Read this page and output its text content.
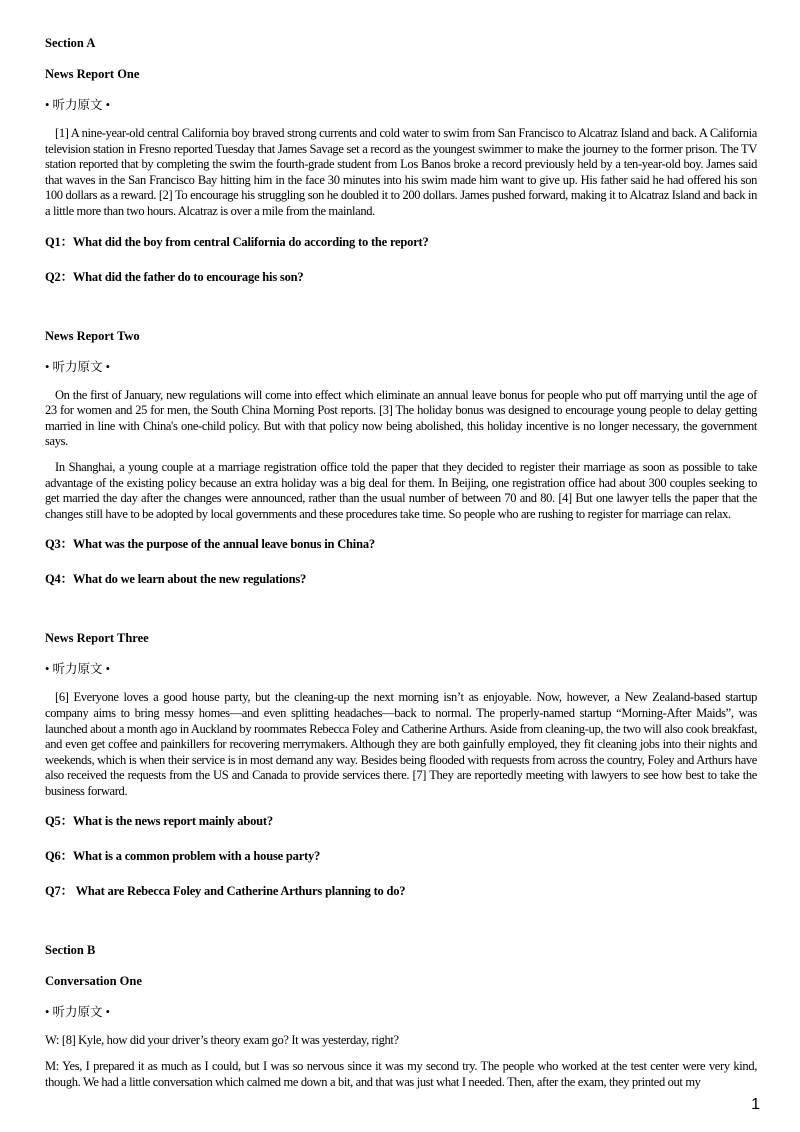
Section A
News Report One
• 听力原文 •

[1] A nine-year-old central California boy braved strong currents and cold water to swim from San Francisco to Alcatraz Island and back. A California television station in Fresno reported Tuesday that James Savage set a record as the youngest swimmer to make the journey to the former prison. The TV station reported that by completing the swim the fourth-grade student from Los Banos broke a record previously held by a ten-year-old boy. James said that waves in the San Francisco Bay hitting him in the face 30 minutes into his swim made him want to give up. His father said he had offered his son 100 dollars as a reward. [2] To encourage his struggling son he doubled it to 200 dollars. James pushed forward, making it to Alcatraz Island and back in a little more than two hours. Alcatraz is over a mile from the mainland.

Q1：What did the boy from central California do according to the report?
Q2：What did the father do to encourage his son?
News Report Two
• 听力原文 •

On the first of January, new regulations will come into effect which eliminate an annual leave bonus for people who put off marrying until the age of 23 for women and 25 for men, the South China Morning Post reports. [3] The holiday bonus was designed to encourage young people to delay getting married in line with China's one-child policy. But with that policy now being abolished, this holiday incentive is no longer necessary, the government says.

In Shanghai, a young couple at a marriage registration office told the paper that they decided to register their marriage as soon as possible to take advantage of the existing policy because an extra holiday was a big deal for them. In Beijing, one registration office had about 300 couples seeking to get married the day after the changes were announced, rather than the usual number of between 70 and 80. [4] But one lawyer tells the paper that the changes still have to be adopted by local governments and these procedures take time. So people who are rushing to register for marriage can relax.

Q3：What was the purpose of the annual leave bonus in China?
Q4：What do we learn about the new regulations?
News Report Three
• 听力原文 •

[6] Everyone loves a good house party, but the cleaning-up the next morning isn’t as enjoyable. Now, however, a New Zealand-based startup company aims to bring messy homes—and even splitting headaches—back to normal. The properly-named startup “Morning-After Maids”, was launched about a month ago in Auckland by roommates Rebecca Foley and Catherine Arthurs. Aside from cleaning-up, the two will also cook breakfast, and even get coffee and painkillers for recovering merrymakers. Although they are both gainfully employed, they fit cleaning jobs into their nights and weekends, which is when their service is in most demand any way. Besides being flooded with requests from across the country, Foley and Arthurs have also received the requests from the US and Canada to provide services there. [7] They are reportedly meeting with lawyers to see how best to take the business forward.

Q5：What is the news report mainly about?
Q6：What is a common problem with a house party?
Q7： What are Rebecca Foley and Catherine Arthurs planning to do?
Section B
Conversation One
• 听力原文 •

W: [8] Kyle, how did your driver’s theory exam go? It was yesterday, right?

M: Yes, I prepared it as much as I could, but I was so nervous since it was my second try. The people who worked at the test center were very kind, though. We had a little conversation which calmed me down a bit, and that was just what I needed. Then, after the exam, they printed out my

1
